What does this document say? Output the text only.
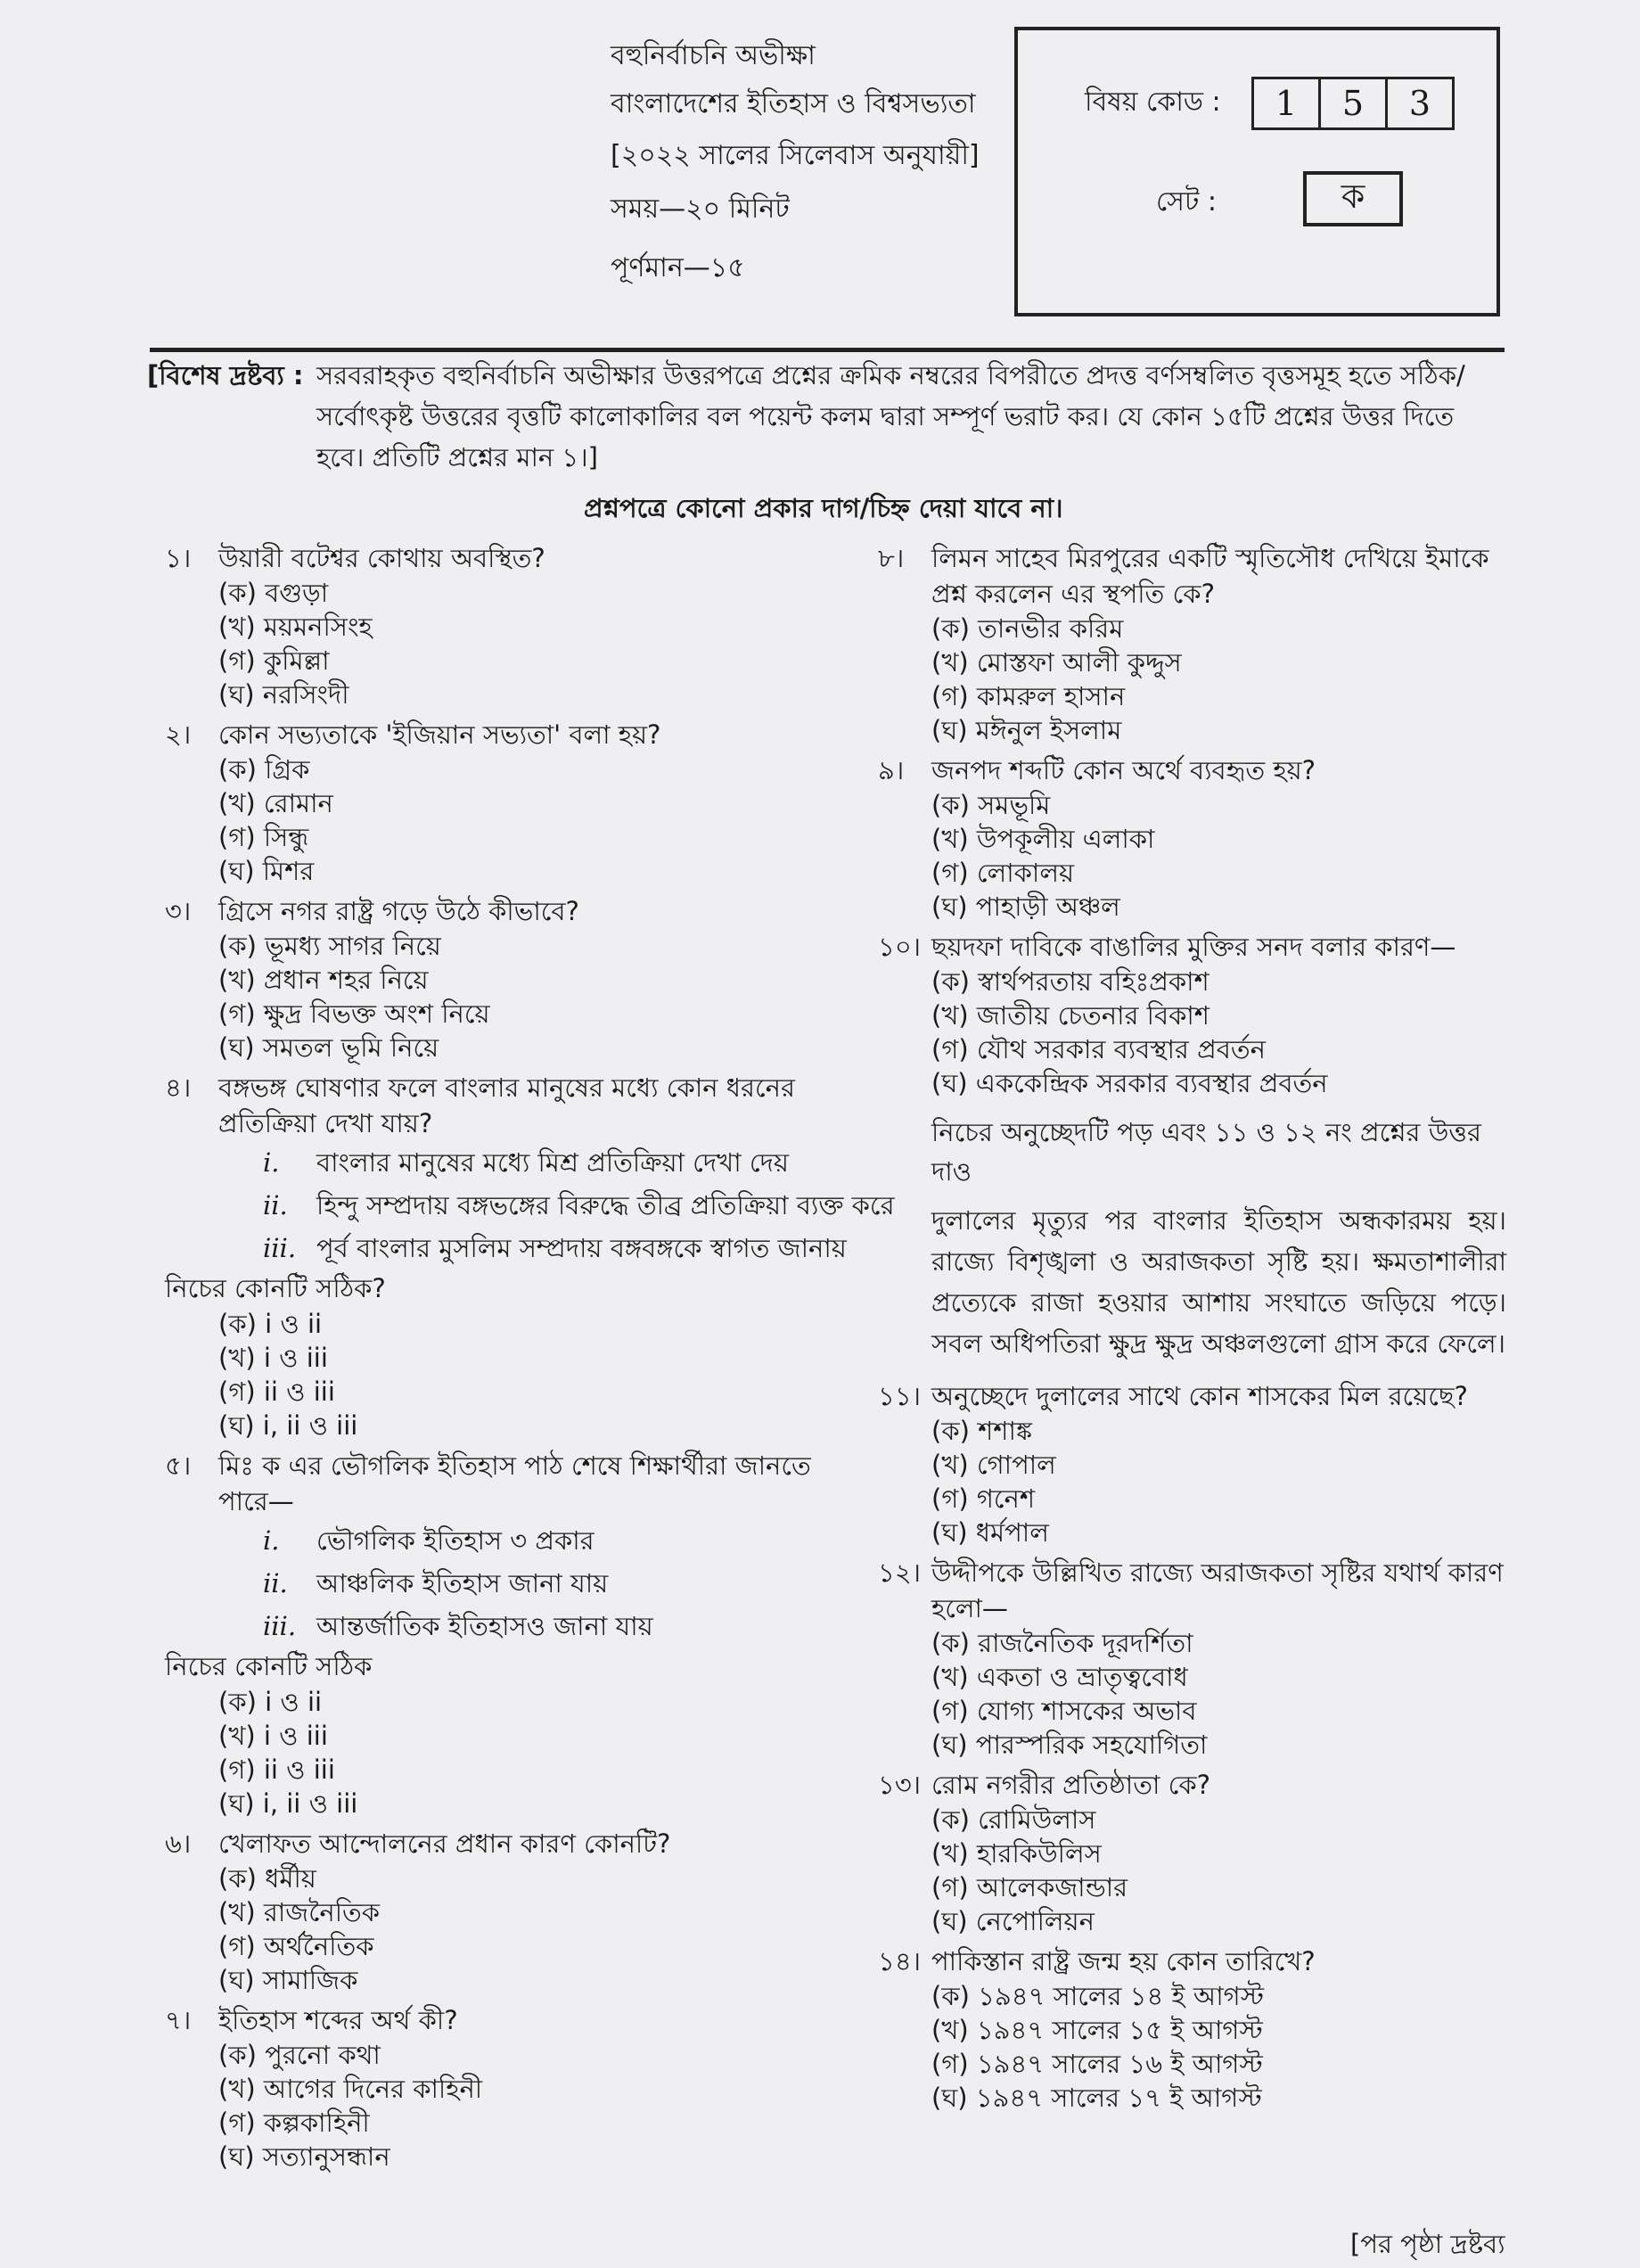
বহুনির্বাচনি অভীক্ষা
বাংলাদেশের ইতিহাস ও বিশ্বসভ্যতা
[২০২২ সালের সিলেবাস অনুযায়ী]
সময়—২০ মিনিট
পূর্ণমান—১৫
বিষয় কোড :	1	5	3
সেট :	ক
[বিশেষ দ্রষ্টব্য : সরবরাহকৃত বহুনির্বাচনি অভীক্ষার উত্তরপত্রে প্রশ্নের ক্রমিক নম্বরের বিপরীতে প্রদত্ত বর্ণসম্বলিত বৃত্তসমূহ হতে সঠিক/সর্বোৎকৃষ্ট উত্তরের বৃত্তটি কালোকালির বল পয়েন্ট কলম দ্বারা সম্পূর্ণ ভরাট কর। যে কোন ১৫টি প্রশ্নের উত্তর দিতে হবে। প্রতিটি প্রশ্নের মান ১।]
প্রশ্নপত্রে কোনো প্রকার দাগ/চিহ্ন দেয়া যাবে না।
১।	উয়ারী বটেশ্বর কোথায় অবস্থিত?
(ক) বগুড়া
(খ) ময়মনসিংহ
(গ) কুমিল্লা
(ঘ) নরসিংদী
২।	কোন সভ্যতাকে 'ইজিয়ান সভ্যতা' বলা হয়?
(ক) গ্রিক
(খ) রোমান
(গ) সিন্ধু
(ঘ) মিশর
৩।	গ্রিসে নগর রাষ্ট্র গড়ে উঠে কীভাবে?
(ক) ভূমধ্য সাগর নিয়ে
(খ) প্রধান শহর নিয়ে
(গ) ক্ষুদ্র বিভক্ত অংশ নিয়ে
(ঘ) সমতল ভূমি নিয়ে
৪।	বঙ্গভঙ্গ ঘোষণার ফলে বাংলার মানুষের মধ্যে কোন ধরনের প্রতিক্রিয়া দেখা যায়?
i. বাংলার মানুষের মধ্যে মিশ্র প্রতিক্রিয়া দেখা দেয়
ii. হিন্দু সম্প্রদায় বঙ্গভঙ্গের বিরুদ্ধে তীব্র প্রতিক্রিয়া ব্যক্ত করে
iii. পূর্ব বাংলার মুসলিম সম্প্রদায় বঙ্গবঙ্গকে স্বাগত জানায়
নিচের কোনটি সঠিক?
(ক) i ও ii
(খ) i ও iii
(গ) ii ও iii
(ঘ) i, ii ও iii
৫।	মিঃ ক এর ভৌগলিক ইতিহাস পাঠ শেষে শিক্ষার্থীরা জানতে পারে—
i. ভৌগলিক ইতিহাস ৩ প্রকার
ii. আঞ্চলিক ইতিহাস জানা যায়
iii. আন্তর্জাতিক ইতিহাসও জানা যায়
নিচের কোনটি সঠিক
(ক) i ও ii
(খ) i ও iii
(গ) ii ও iii
(ঘ) i, ii ও iii
৬।	খেলাফত আন্দোলনের প্রধান কারণ কোনটি?
(ক) ধর্মীয়
(খ) রাজনৈতিক
(গ) অর্থনৈতিক
(ঘ) সামাজিক
৭।	ইতিহাস শব্দের অর্থ কী?
(ক) পুরনো কথা
(খ) আগের দিনের কাহিনী
(গ) কল্পকাহিনী
(ঘ) সত্যানুসন্ধান
৮।	লিমন সাহেব মিরপুরের একটি স্মৃতিসৌধ দেখিয়ে ইমাকে প্রশ্ন করলেন এর স্থপতি কে?
(ক) তানভীর করিম
(খ) মোস্তফা আলী কুদ্দুস
(গ) কামরুল হাসান
(ঘ) মঈনুল ইসলাম
৯।	জনপদ শব্দটি কোন অর্থে ব্যবহৃত হয়?
(ক) সমভূমি
(খ) উপকূলীয় এলাকা
(গ) লোকালয়
(ঘ) পাহাড়ী অঞ্চল
১০। ছয়দফা দাবিকে বাঙালির মুক্তির সনদ বলার কারণ—
(ক) স্বার্থপরতায় বহিঃপ্রকাশ
(খ) জাতীয় চেতনার বিকাশ
(গ) যৌথ সরকার ব্যবস্থার প্রবর্তন
(ঘ) এককেন্দ্রিক সরকার ব্যবস্থার প্রবর্তন
নিচের অনুচ্ছেদটি পড় এবং ১১ ও ১২ নং প্রশ্নের উত্তর দাও
দুলালের মৃত্যুর পর বাংলার ইতিহাস অন্ধকারময় হয়। রাজ্যে বিশৃঙ্খলা ও অরাজকতা সৃষ্টি হয়। ক্ষমতাশালীরা প্রত্যেকে রাজা হওয়ার আশায় সংঘাতে জড়িয়ে পড়ে। সবল অধিপতিরা ক্ষুদ্র ক্ষুদ্র অঞ্চলগুলো গ্রাস করে ফেলে।
১১। অনুচ্ছেদে দুলালের সাথে কোন শাসকের মিল রয়েছে?
(ক) শশাঙ্ক
(খ) গোপাল
(গ) গনেশ
(ঘ) ধর্মপাল
১২। উদ্দীপকে উল্লিখিত রাজ্যে অরাজকতা সৃষ্টির যথার্থ কারণ হলো—
(ক) রাজনৈতিক দূরদর্শিতা
(খ) একতা ও ভ্রাতৃত্ববোধ
(গ) যোগ্য শাসকের অভাব
(ঘ) পারস্পরিক সহযোগিতা
১৩। রোম নগরীর প্রতিষ্ঠাতা কে?
(ক) রোমিউলাস
(খ) হারকিউলিস
(গ) আলেকজান্ডার
(ঘ) নেপোলিয়ন
১৪। পাকিস্তান রাষ্ট্র জন্ম হয় কোন তারিখে?
(ক) ১৯৪৭ সালের ১৪ ই আগস্ট
(খ) ১৯৪৭ সালের ১৫ ই আগস্ট
(গ) ১৯৪৭ সালের ১৬ ই আগস্ট
(ঘ) ১৯৪৭ সালের ১৭ ই আগস্ট
[পর পৃষ্ঠা দ্রষ্টব্য
